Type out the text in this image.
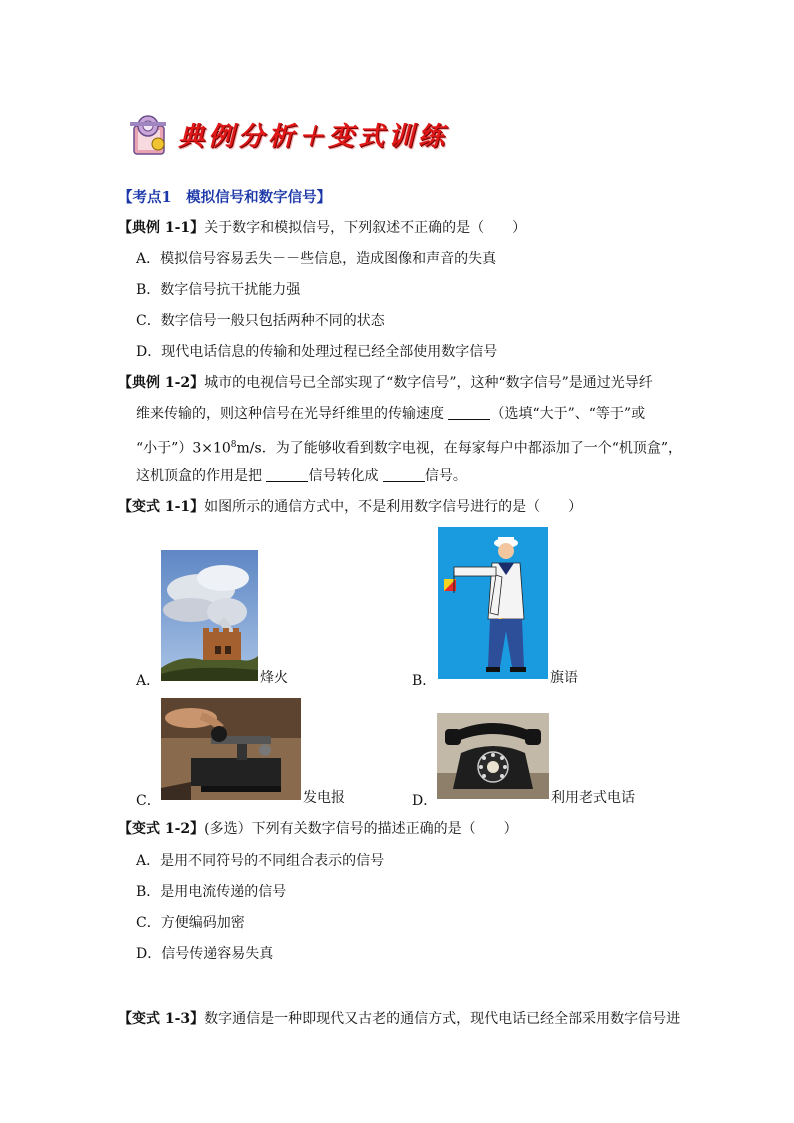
典例分析＋变式训练
【考点1　模拟信号和数字信号】
【典例 1-1】关于数字和模拟信号，下列叙述不正确的是（　　）
A．模拟信号容易丢失－－些信息，造成图像和声音的失真
B．数字信号抗干扰能力强
C．数字信号一般只包括两种不同的状态
D．现代电话信息的传输和处理过程已经全部使用数字信号
【典例 1-2】城市的电视信号已全部实现了“数字信号”，这种“数字信号”是通过光导纤
维来传输的，则这种信号在光导纤维里的传输速度	（选填“大于”、“等于”或
“小于$”)3\times 10^8m/s$．为了能够收看到数字电视，在每家每户中都添加了一个“机顶盒”，
这机顶盒的作用是把	信号转化成	信号。
【变式 1-1】如图所示的通信方式中，不是利用数字信号进行的是（　　）
A．	烽火	B．	旗语
C．	发电报	D．	利用老式电话
【变式 1-2】(多选）下列有关数字信号的描述正确的是（　　）
A．是用不同符号的不同组合表示的信号
B．是用电流传递的信号
C．方便编码加密
D．信号传递容易失真
【变式 1-3】数字通信是一种即现代又古老的通信方式，现代电话已经全部采用数字信号进
